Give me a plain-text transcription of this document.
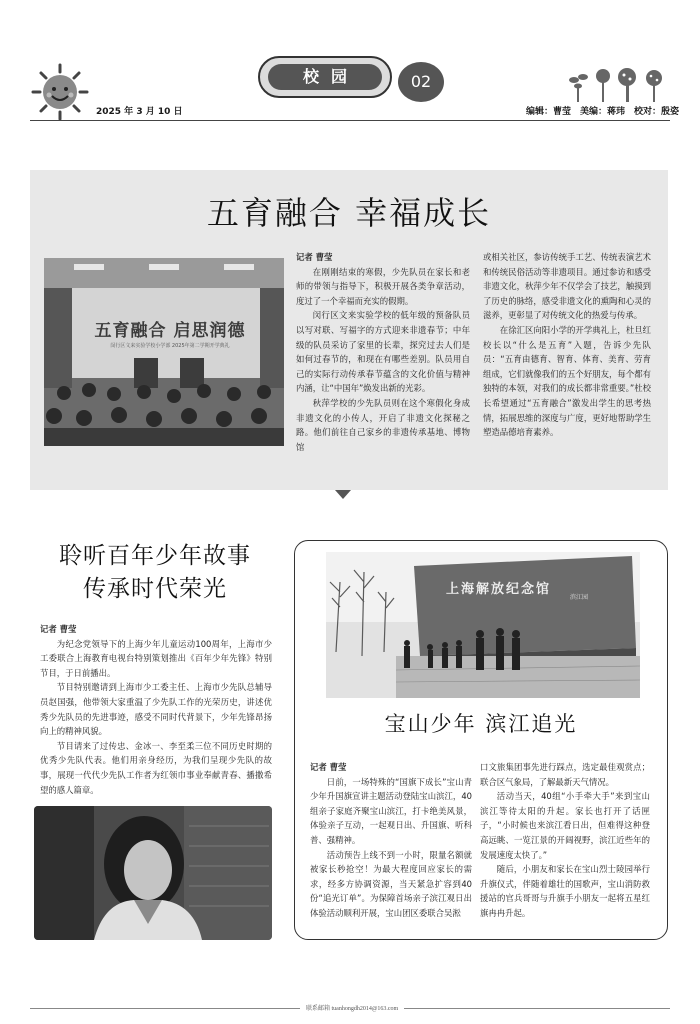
2025 年 3 月 10 日
校园	02
编辑：曹莹　美编：蒋玮　校对：殷姿
五育融合 幸福成长
五育融合 启思润德
闵行区文来实验学校小学部 2025年第二学期开学典礼

记者 曹莹

在刚刚结束的寒假，少先队员在家长和老师的带领与指导下，积极开展各类争章活动，度过了一个幸福而充实的假期。

闵行区文来实验学校的低年级的预备队员以写对联、写福字的方式迎来非遗春节；中年级的队员采访了家里的长辈，探究过去人们是如何过春节的，和现在有哪些差别。队员用自己的实际行动传承春节蕴含的文化价值与精神内涵，让“中国年”焕发出新的光彩。

秋萍学校的少先队员则在这个寒假化身成非遗文化的小传人，开启了非遗文化探秘之路。他们前往自己家乡的非遗传承基地、博物馆

或相关社区，参访传统手工艺、传统表演艺术和传统民俗活动等非遗项目。通过参访和感受非遗文化，秋萍少年不仅学会了技艺，触摸到了历史的脉络，感受非遗文化的熏陶和心灵的滋养，更彰显了对传统文化的热爱与传承。

在徐汇区向阳小学的开学典礼上，杜旦红校长以“什么是五育”入题，告诉少先队员：“五育由德育、智育、体育、美育、劳育组成，它们就像我们的五个好朋友，每个都有独特的本领，对我们的成长都非常重要。”杜校长希望通过“五育融合”激发出学生的思考热情，拓展思维的深度与广度，更好地帮助学生塑造品德培育素养。

聆听百年少年故事
传承时代荣光

记者 曹莹

为纪念党领导下的上海少年儿童运动100周年，上海市少工委联合上海教育电视台特别策划推出《百年少年先锋》特别节目，于日前播出。

节目特别邀请到上海市少工委主任、上海市少先队总辅导员赵国强，他带领大家重温了少先队工作的光荣历史，讲述优秀少先队员的先进事迹，感受不同时代背景下，少年先锋昂扬向上的精神风貌。

节目请来了过传忠、金冰一、李至柔三位不同历史时期的优秀少先队代表。他们用亲身经历，为我们呈现少先队的故事，展现一代代少先队工作者为红领巾事业奉献青春、播撒希望的感人篇章。

上海解放纪念馆
滨江园
宝山少年 滨江追光

记者 曹莹

日前，一场特殊的“国旗下成长”宝山青少年升国旗宣讲主题活动登陆宝山滨江，40组亲子家庭齐聚宝山滨江，打卡绝美风景，体验亲子互动，一起观日出、升国旗、听科普、强精神。

活动预告上线不到一小时，限量名额就被家长秒抢空！为最大程度回应家长的需求，经多方协调资源，当天紧急扩容到40份“追光订单”。为保障首场亲子滨江观日出体验活动顺利开展，宝山团区委联合吴淞

口文旅集团事先进行踩点，选定最佳观赏点；联合区气象局，了解最新天气情况。

活动当天，40组“小手牵大手”来到宝山滨江等待太阳的升起。家长也打开了话匣子，“小时候也来滨江看日出，但难得这种登高远眺、一览江景的开阔视野，滨江近些年的发展速度太快了。”

随后，小朋友和家长在宝山烈士陵园举行升旗仪式，伴随着雄壮的国歌声，宝山消防救援站的官兵哥哥与升旗手小朋友一起将五星红旗冉冉升起。

联系邮箱 tuanhongdh2014@163.com
